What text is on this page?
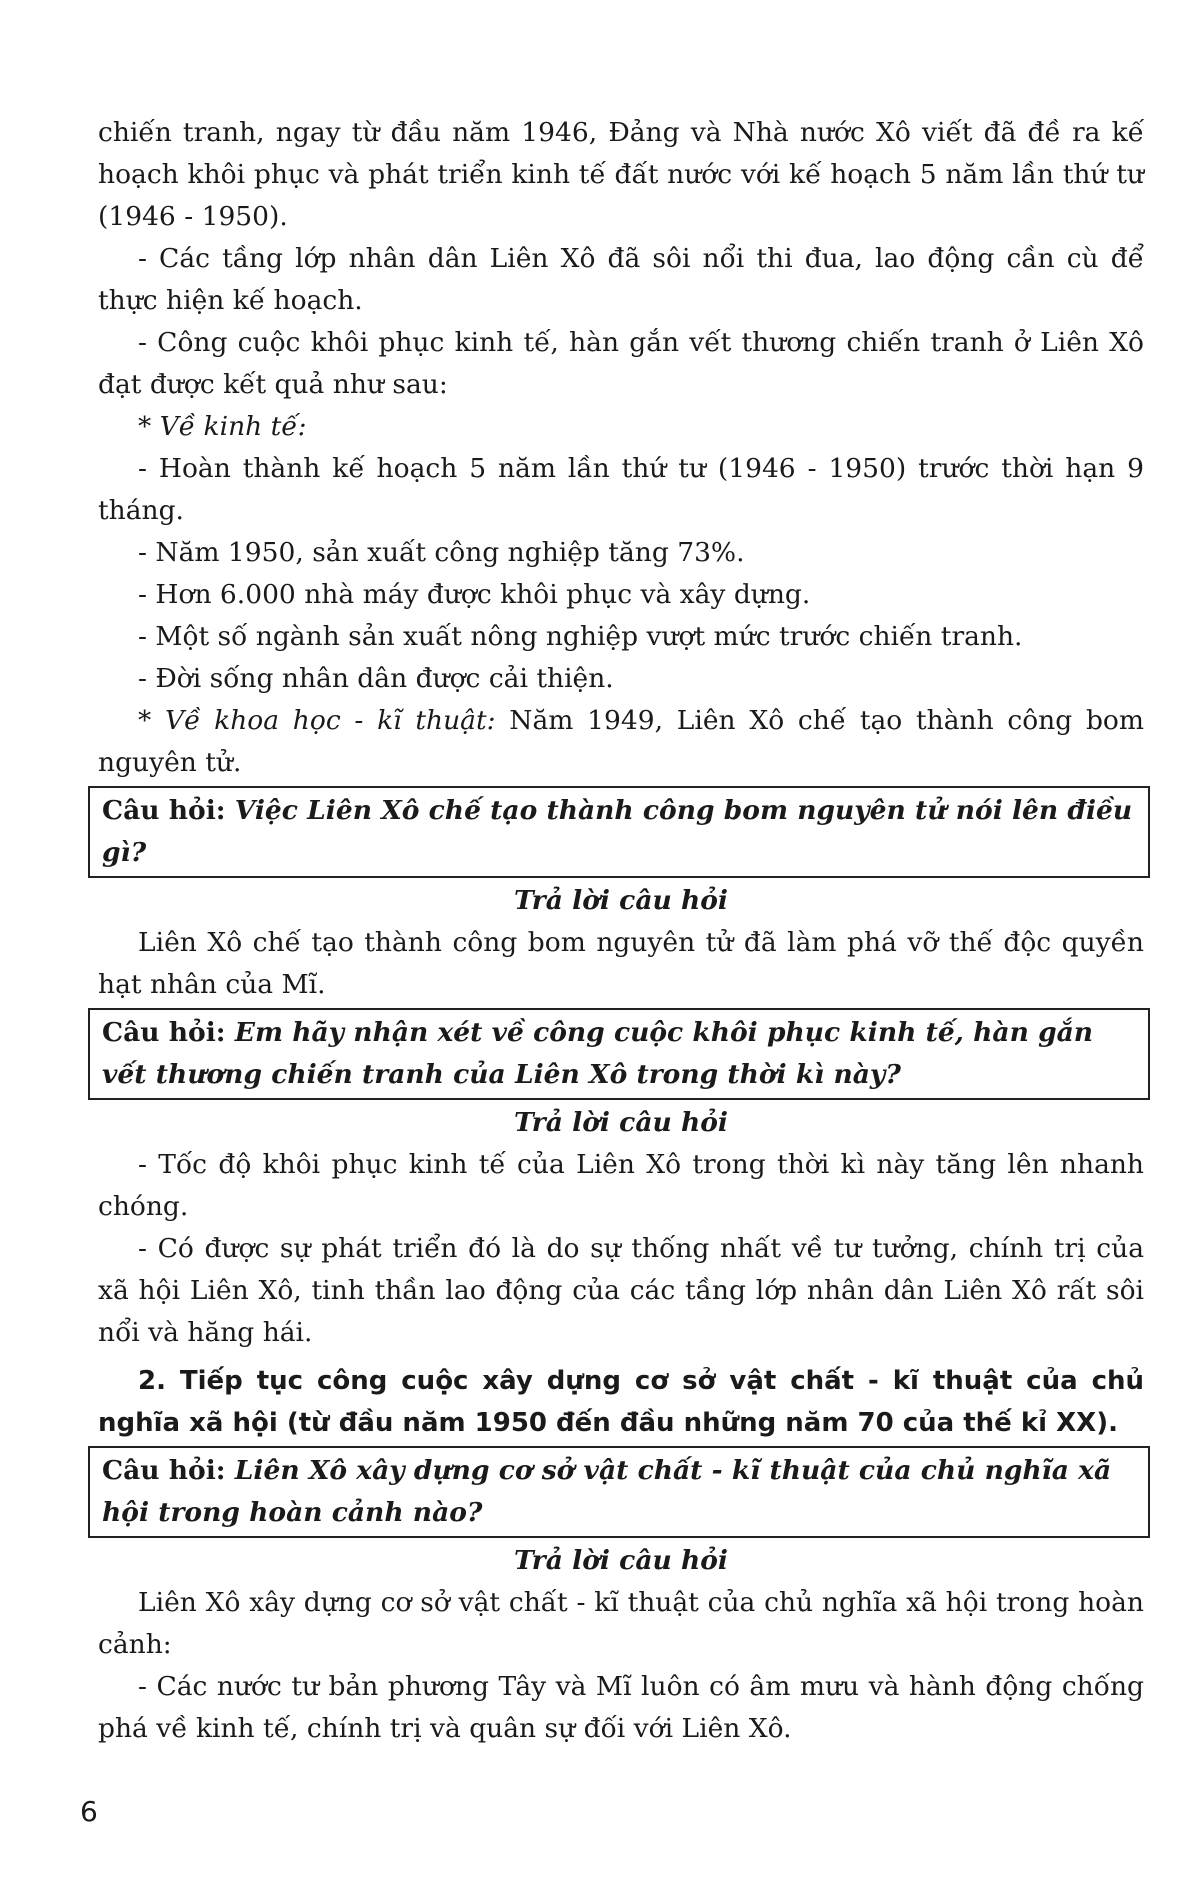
chiến tranh, ngay từ đầu năm 1946, Đảng và Nhà nước Xô viết đã đề ra kế hoạch khôi phục và phát triển kinh tế đất nước với kế hoạch 5 năm lần thứ tư (1946 - 1950).

- Các tầng lớp nhân dân Liên Xô đã sôi nổi thi đua, lao động cần cù để thực hiện kế hoạch.

- Công cuộc khôi phục kinh tế, hàn gắn vết thương chiến tranh ở Liên Xô đạt được kết quả như sau:

* Về kinh tế:

- Hoàn thành kế hoạch 5 năm lần thứ tư (1946 - 1950) trước thời hạn 9 tháng.

- Năm 1950, sản xuất công nghiệp tăng 73%.

- Hơn 6.000 nhà máy được khôi phục và xây dựng.

- Một số ngành sản xuất nông nghiệp vượt mức trước chiến tranh.

- Đời sống nhân dân được cải thiện.

* Về khoa học - kĩ thuật: Năm 1949, Liên Xô chế tạo thành công bom nguyên tử.

Câu hỏi: Việc Liên Xô chế tạo thành công bom nguyên tử nói lên điều gì?

Trả lời câu hỏi

Liên Xô chế tạo thành công bom nguyên tử đã làm phá vỡ thế độc quyền hạt nhân của Mĩ.

Câu hỏi: Em hãy nhận xét về công cuộc khôi phục kinh tế, hàn gắn vết thương chiến tranh của Liên Xô trong thời kì này?

Trả lời câu hỏi

- Tốc độ khôi phục kinh tế của Liên Xô trong thời kì này tăng lên nhanh chóng.

- Có được sự phát triển đó là do sự thống nhất về tư tưởng, chính trị của xã hội Liên Xô, tinh thần lao động của các tầng lớp nhân dân Liên Xô rất sôi nổi và hăng hái.

2. Tiếp tục công cuộc xây dựng cơ sở vật chất - kĩ thuật của chủ nghĩa xã hội (từ đầu năm 1950 đến đầu những năm 70 của thế kỉ XX).

Câu hỏi: Liên Xô xây dựng cơ sở vật chất - kĩ thuật của chủ nghĩa xã hội trong hoàn cảnh nào?

Trả lời câu hỏi

Liên Xô xây dựng cơ sở vật chất - kĩ thuật của chủ nghĩa xã hội trong hoàn cảnh:

- Các nước tư bản phương Tây và Mĩ luôn có âm mưu và hành động chống phá về kinh tế, chính trị và quân sự đối với Liên Xô.

6
